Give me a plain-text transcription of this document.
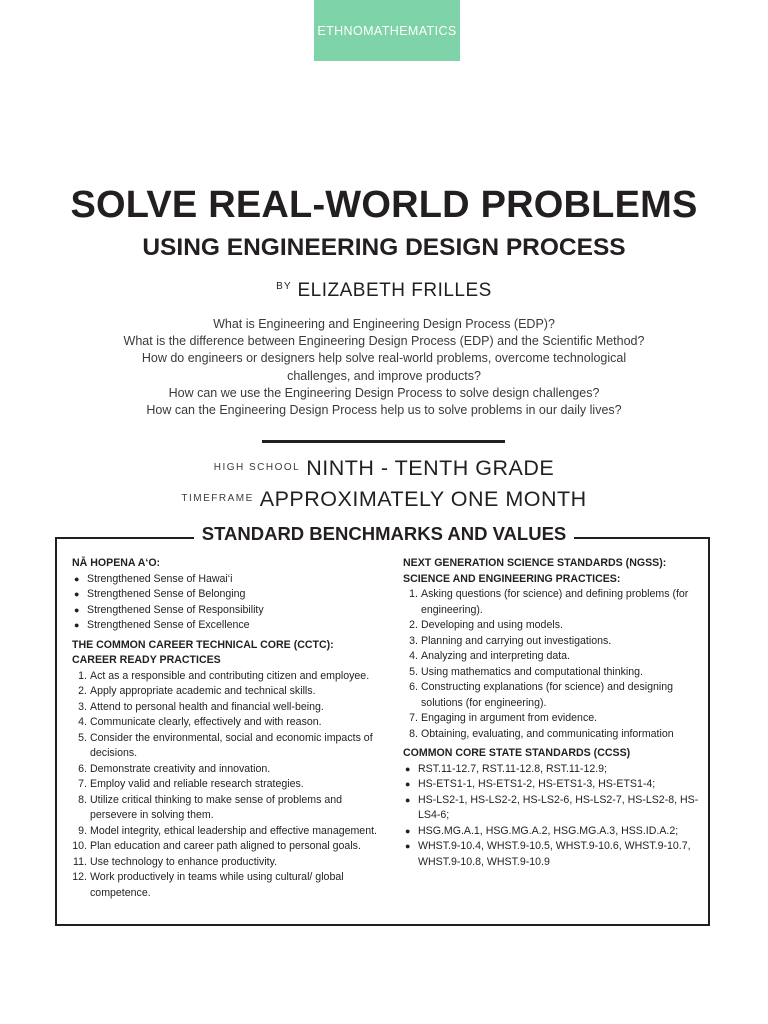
ETHNOMATHEMATICS
SOLVE REAL-WORLD PROBLEMS
USING ENGINEERING DESIGN PROCESS
$^{BY}$ ELIZABETH FRILLES

What is Engineering and Engineering Design Process (EDP)?

What is the difference between Engineering Design Process (EDP) and the Scientific Method?

How do engineers or designers help solve real-world problems, overcome technological

challenges, and improve products?

How can we use the Engineering Design Process to solve design challenges?

How can the Engineering Design Process help us to solve problems in our daily lives?

$^{HIGH SCHOOL}$ NINTH - TENTH GRADE
$^{TIMEFRAME}$ APPROXIMATELY ONE MONTH
STANDARD BENCHMARKS AND VALUES

NĀ HOPENA A‘O:

● Strengthened Sense of Hawai‘i
● Strengthened Sense of Belonging
● Strengthened Sense of Responsibility
● Strengthened Sense of Excellence

THE COMMON CAREER TECHNICAL CORE (CCTC):

CAREER READY PRACTICES

1. Act as a responsible and contributing citizen and employee.
2. Apply appropriate academic and technical skills.
3. Attend to personal health and financial well-being.
4. Communicate clearly, effectively and with reason.
5. Consider the environmental, social and economic impacts of decisions.
6. Demonstrate creativity and innovation.
7. Employ valid and reliable research strategies.
8. Utilize critical thinking to make sense of problems and persevere in solving them.
9. Model integrity, ethical leadership and effective management.
10. Plan education and career path aligned to personal goals.
11. Use technology to enhance productivity.
12. Work productively in teams while using cultural/ global competence.

NEXT GENERATION SCIENCE STANDARDS (NGSS):

SCIENCE AND ENGINEERING PRACTICES:

1. Asking questions (for science) and defining problems (for engineering).
2. Developing and using models.
3. Planning and carrying out investigations.
4. Analyzing and interpreting data.
5. Using mathematics and computational thinking.
6. Constructing explanations (for science) and designing solutions (for engineering).
7. Engaging in argument from evidence.
8. Obtaining, evaluating, and communicating information

COMMON CORE STATE STANDARDS (CCSS)

● RST.11-12.7, RST.11-12.8, RST.11-12.9;
● HS-ETS1-1, HS-ETS1-2, HS-ETS1-3, HS-ETS1-4;
● HS-LS2-1, HS-LS2-2, HS-LS2-6, HS-LS2-7, HS-LS2-8, HS-LS4-6;
● HSG.MG.A.1, HSG.MG.A.2, HSG.MG.A.3, HSS.ID.A.2;
● WHST.9-10.4, WHST.9-10.5, WHST.9-10.6, WHST.9-10.7, WHST.9-10.8, WHST.9-10.9
